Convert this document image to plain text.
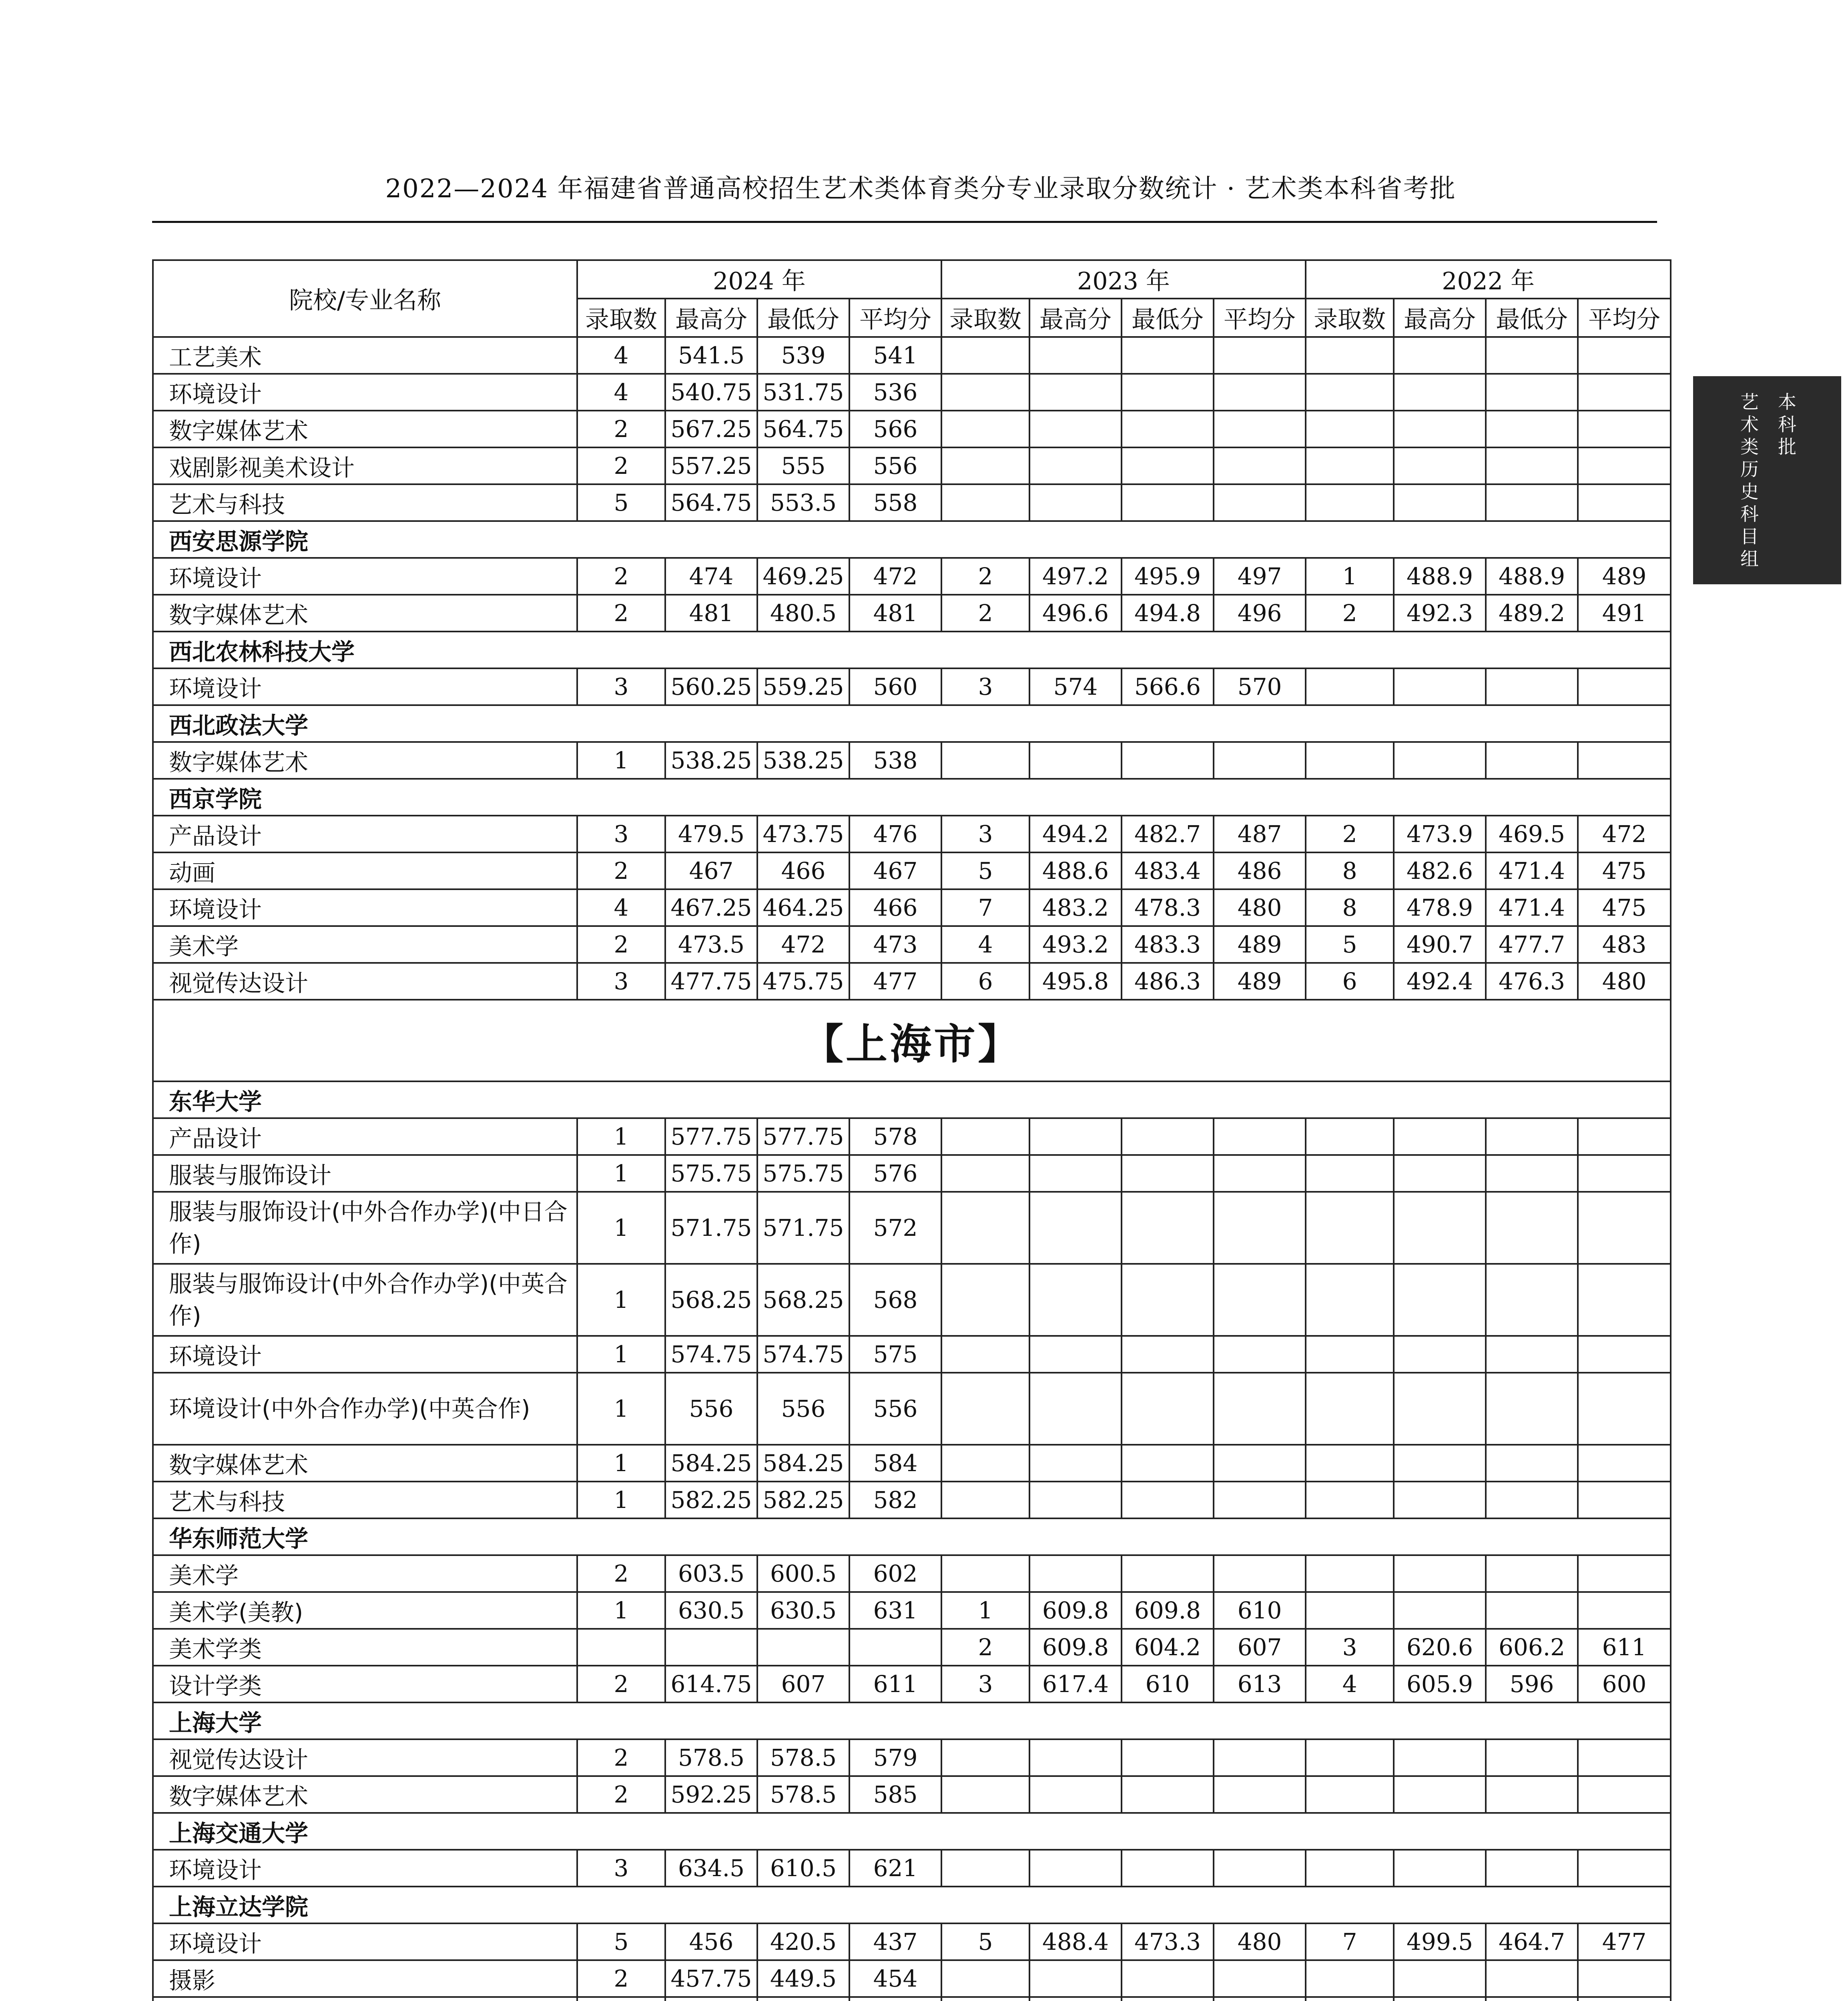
2022—2024 年福建省普通高校招生艺术类体育类分专业录取分数统计 · 艺术类本科省考批
艺术类历史科目组 本科批
院校/专业名称	2024 年				2023 年				2022 年			
	录取数	最高分	最低分	平均分	录取数	最高分	最低分	平均分	录取数	最高分	最低分	平均分
工艺美术	4	541.5	539	541								
环境设计	4	540.75	531.75	536								
数字媒体艺术	2	567.25	564.75	566								
戏剧影视美术设计	2	557.25	555	556								
艺术与科技	5	564.75	553.5	558								
西安思源学院												
环境设计	2	474	469.25	472	2	497.2	495.9	497	1	488.9	488.9	489
数字媒体艺术	2	481	480.5	481	2	496.6	494.8	496	2	492.3	489.2	491
西北农林科技大学												
环境设计	3	560.25	559.25	560	3	574	566.6	570				
西北政法大学												
数字媒体艺术	1	538.25	538.25	538								
西京学院												
产品设计	3	479.5	473.75	476	3	494.2	482.7	487	2	473.9	469.5	472
动画	2	467	466	467	5	488.6	483.4	486	8	482.6	471.4	475
环境设计	4	467.25	464.25	466	7	483.2	478.3	480	8	478.9	471.4	475
美术学	2	473.5	472	473	4	493.2	483.3	489	5	490.7	477.7	483
视觉传达设计	3	477.75	475.75	477	6	495.8	486.3	489	6	492.4	476.3	480
【上海市】												
东华大学												
产品设计	1	577.75	577.75	578								
服装与服饰设计	1	575.75	575.75	576								
服装与服饰设计(中外合作办学)(中日合作)	1	571.75	571.75	572								
服装与服饰设计(中外合作办学)(中英合作)	1	568.25	568.25	568								
环境设计	1	574.75	574.75	575								
环境设计(中外合作办学)(中英合作)	1	556	556	556								
数字媒体艺术	1	584.25	584.25	584								
艺术与科技	1	582.25	582.25	582								
华东师范大学												
美术学	2	603.5	600.5	602								
美术学(美教)	1	630.5	630.5	631	1	609.8	609.8	610				
美术学类					2	609.8	604.2	607	3	620.6	606.2	611
设计学类	2	614.75	607	611	3	617.4	610	613	4	605.9	596	600
上海大学												
视觉传达设计	2	578.5	578.5	579								
数字媒体艺术	2	592.25	578.5	585								
上海交通大学												
环境设计	3	634.5	610.5	621								
上海立达学院												
环境设计	5	456	420.5	437	5	488.4	473.3	480	7	499.5	464.7	477
摄影	2	457.75	449.5	454								
